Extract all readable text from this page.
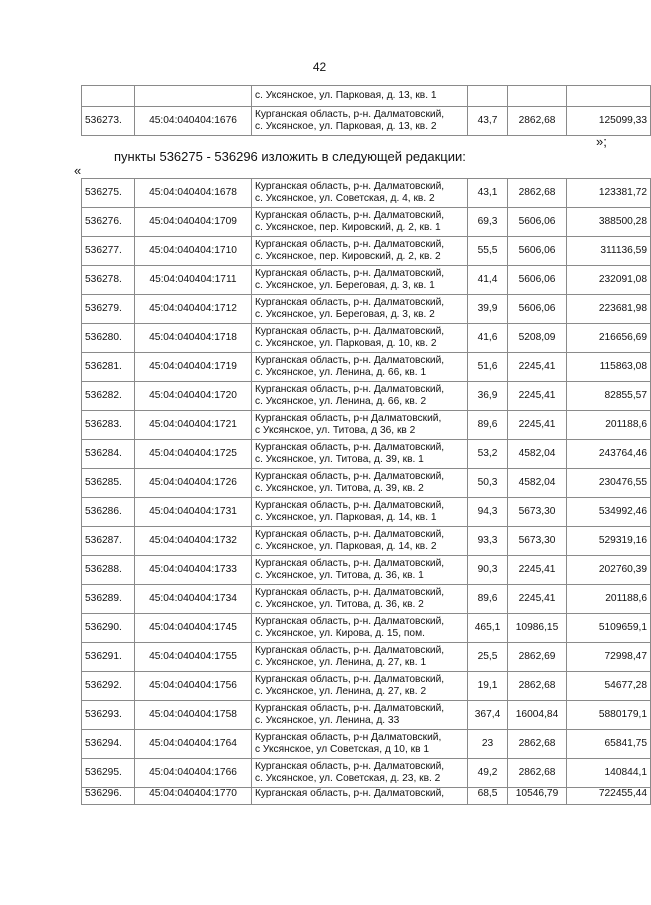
42
		с. Уксянское, ул. Парковая, д. 13, кв. 1			
536273.	45:04:040404:1676	Курганская область, р-н. Далматовский,
с. Уксянское, ул. Парковая, д. 13, кв. 2	43,7	2862,68	125099,33
»;
пункты 536275 - 536296 изложить в следующей редакции:
«
536275.	45:04:040404:1678	Курганская область, р-н. Далматовский,
с. Уксянское, ул. Советская, д. 4, кв. 2	43,1	2862,68	123381,72
536276.	45:04:040404:1709	Курганская область, р-н. Далматовский,
с. Уксянское, пер. Кировский, д. 2, кв. 1	69,3	5606,06	388500,28
536277.	45:04:040404:1710	Курганская область, р-н. Далматовский,
с. Уксянское, пер. Кировский, д. 2, кв. 2	55,5	5606,06	311136,59
536278.	45:04:040404:1711	Курганская область, р-н. Далматовский,
с. Уксянское, ул. Береговая, д. 3, кв. 1	41,4	5606,06	232091,08
536279.	45:04:040404:1712	Курганская область, р-н. Далматовский,
с. Уксянское, ул. Береговая, д. 3, кв. 2	39,9	5606,06	223681,98
536280.	45:04:040404:1718	Курганская область, р-н. Далматовский,
с. Уксянское, ул. Парковая, д. 10, кв. 2	41,6	5208,09	216656,69
536281.	45:04:040404:1719	Курганская область, р-н. Далматовский,
с. Уксянское, ул. Ленина, д. 66, кв. 1	51,6	2245,41	115863,08
536282.	45:04:040404:1720	Курганская область, р-н. Далматовский,
с. Уксянское, ул. Ленина, д. 66, кв. 2	36,9	2245,41	82855,57
536283.	45:04:040404:1721	Курганская область, р-н Далматовский,
с Уксянское, ул. Титова, д 36, кв 2	89,6	2245,41	201188,6
536284.	45:04:040404:1725	Курганская область, р-н. Далматовский,
с. Уксянское, ул. Титова, д. 39, кв. 1	53,2	4582,04	243764,46
536285.	45:04:040404:1726	Курганская область, р-н. Далматовский,
с. Уксянское, ул. Титова, д. 39, кв. 2	50,3	4582,04	230476,55
536286.	45:04:040404:1731	Курганская область, р-н. Далматовский,
с. Уксянское, ул. Парковая, д. 14, кв. 1	94,3	5673,30	534992,46
536287.	45:04:040404:1732	Курганская область, р-н. Далматовский,
с. Уксянское, ул. Парковая, д. 14, кв. 2	93,3	5673,30	529319,16
536288.	45:04:040404:1733	Курганская область, р-н. Далматовский,
с. Уксянское, ул. Титова, д. 36, кв. 1	90,3	2245,41	202760,39
536289.	45:04:040404:1734	Курганская область, р-н. Далматовский,
с. Уксянское, ул. Титова, д. 36, кв. 2	89,6	2245,41	201188,6
536290.	45:04:040404:1745	Курганская область, р-н. Далматовский,
с. Уксянское, ул. Кирова, д. 15, пом.	465,1	10986,15	5109659,1
536291.	45:04:040404:1755	Курганская область, р-н. Далматовский,
с. Уксянское, ул. Ленина, д. 27, кв. 1	25,5	2862,69	72998,47
536292.	45:04:040404:1756	Курганская область, р-н. Далматовский,
с. Уксянское, ул. Ленина, д. 27, кв. 2	19,1	2862,68	54677,28
536293.	45:04:040404:1758	Курганская область, р-н. Далматовский,
с. Уксянское, ул. Ленина, д. 33	367,4	16004,84	5880179,1
536294.	45:04:040404:1764	Курганская область, р-н Далматовский,
с Уксянское, ул Советская, д 10, кв 1	23	2862,68	65841,75
536295.	45:04:040404:1766	Курганская область, р-н. Далматовский,
с. Уксянское, ул. Советская, д. 23, кв. 2	49,2	2862,68	140844,1
536296.	45:04:040404:1770	Курганская область, р-н. Далматовский,	68,5	10546,79	722455,44
